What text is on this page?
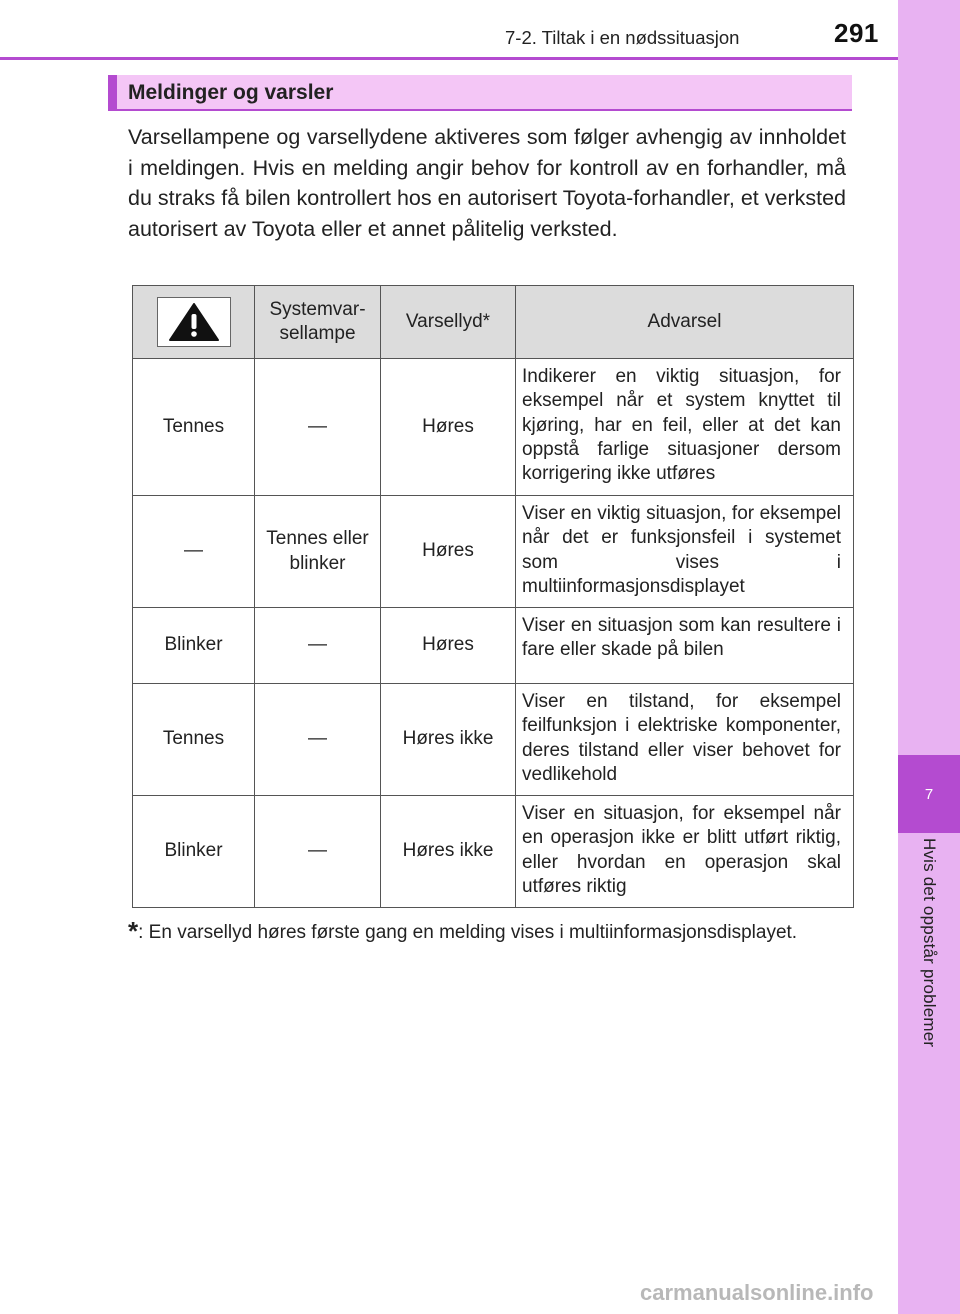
7
Hvis det oppstår problemer
7-2. Tiltak i en nødssituasjon	291
Meldinger og varsler

Varsellampene og varsellydene aktiveres som følger avhengig av innholdet i meldingen. Hvis en melding angir behov for kontroll av en forhandler, må du straks få bilen kontrollert hos en autorisert Toyota-forhandler, et verksted autorisert av Toyota eller et annet pålitelig verksted.

	Systemvar-sellampe	Varsellyd*	Advarsel
Tennes	—	Høres	Indikerer en viktig situasjon, for eksempel når et system knyttet til kjøring, har en feil, eller at det kan oppstå farlige situasjoner dersom korrigering ikke utføres
—	Tennes eller blinker	Høres	Viser en viktig situasjon, for eksempel når det er funksjonsfeil i systemet som vises i multiinformasjonsdisplayet
Blinker	—	Høres	Viser en situasjon som kan resultere i fare eller skade på bilen
Tennes	—	Høres ikke	Viser en tilstand, for eksempel feilfunksjon i elektriske komponenter, deres tilstand eller viser behovet for vedlikehold
Blinker	—	Høres ikke	Viser en situasjon, for eksempel når en operasjon ikke er blitt utført riktig, eller hvordan en operasjon skal utføres riktig
*: En varsellyd høres første gang en melding vises i multiinformasjonsdisplayet.
carmanualsonline.info
